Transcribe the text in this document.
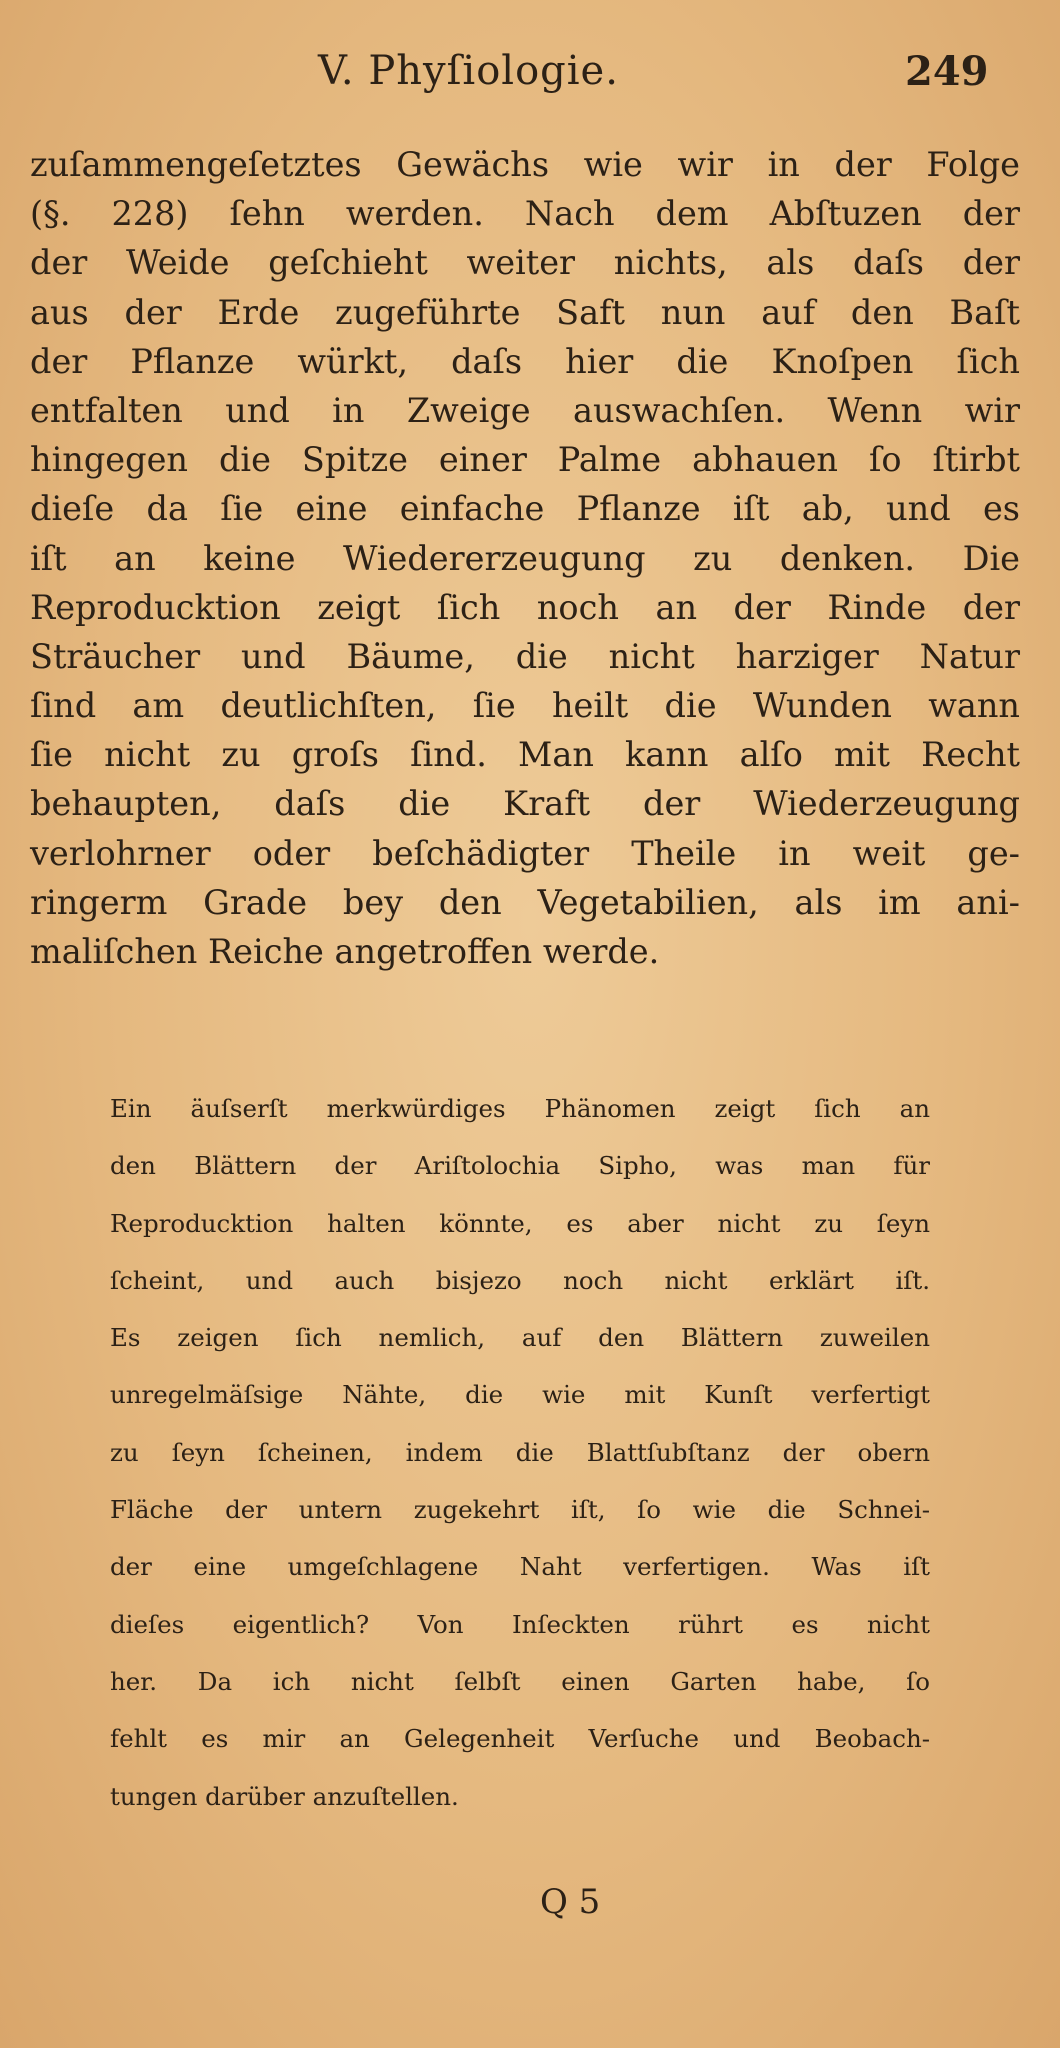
V. Phyſiologie.	249
zuſammengeſetztes Gewächs wie wir in der Folge
(§. 228) ſehn werden. Nach dem Abſtuzen der
der Weide geſchieht weiter nichts, als daſs der
aus der Erde zugeführte Saft nun auf den Baſt
der Pflanze würkt, daſs hier die Knoſpen ſich
entfalten und in Zweige auswachſen. Wenn wir
hingegen die Spitze einer Palme abhauen ſo ſtirbt
dieſe da ſie eine einfache Pflanze iſt ab, und es
iſt an keine Wiedererzeugung zu denken. Die
Reproducktion zeigt ſich noch an der Rinde der
Sträucher und Bäume, die nicht harziger Natur
ſind am deutlichſten, ſie heilt die Wunden wann
ſie nicht zu groſs ſind. Man kann alſo mit Recht
behaupten, daſs die Kraft der Wiederzeugung
verlohrner oder beſchädigter Theile in weit ge-
ringerm Grade bey den Vegetabilien, als im ani-
maliſchen Reiche angetroffen werde.
Ein äuſserſt merkwürdiges Phänomen zeigt ſich an
den Blättern der Ariſtolochia Sipho, was man für
Reproducktion halten könnte, es aber nicht zu ſeyn
ſcheint, und auch bisjezo noch nicht erklärt iſt.
Es zeigen ſich nemlich, auf den Blättern zuweilen
unregelmäſsige Nähte, die wie mit Kunſt verfertigt
zu ſeyn ſcheinen, indem die Blattſubſtanz der obern
Fläche der untern zugekehrt iſt, ſo wie die Schnei-
der eine umgeſchlagene Naht verfertigen. Was iſt
dieſes eigentlich? Von Inſeckten rührt es nicht
her. Da ich nicht ſelbſt einen Garten habe, ſo
fehlt es mir an Gelegenheit Verſuche und Beobach-
tungen darüber anzuſtellen.
Q 5
